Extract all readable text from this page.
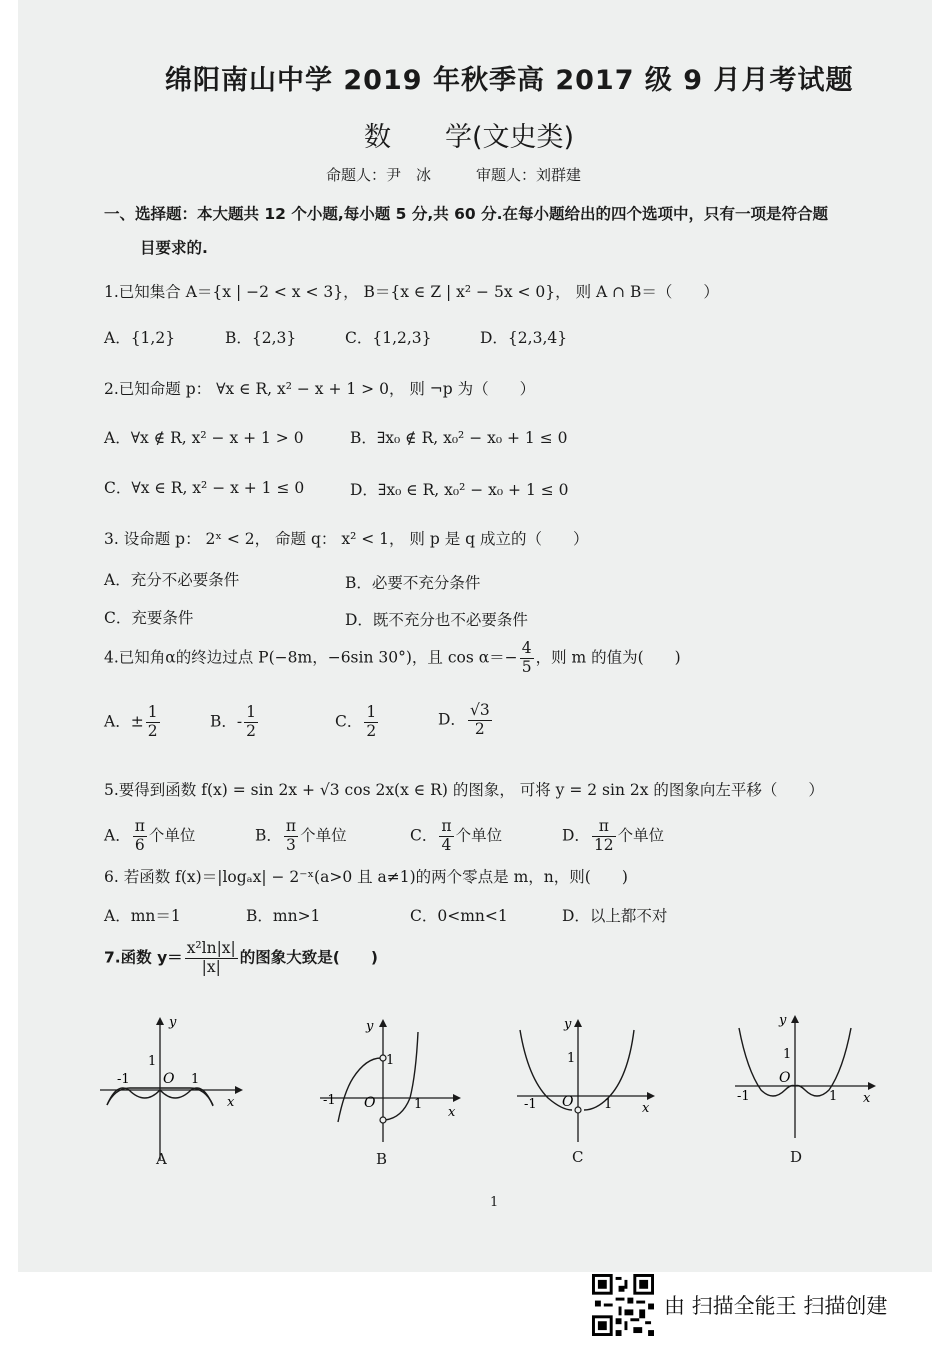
绵阳南山中学 2019 年秋季高 2017 级 9 月月考试题
数　　学(文史类)
命题人：尹　冰　　　审题人：刘群建
一、选择题：本大题共 12 个小题,每小题 5 分,共 60 分.在每小题给出的四个选项中，只有一项是符合题
目要求的.
1.已知集合 A＝{x | −2 < x < 3}， B＝{x ∈ Z | x² − 5x < 0}， 则 A ∩ B＝（　　）
A．{1,2}	B．{2,3}	C．{1,2,3}	D．{2,3,4}
2.已知命题 p： ∀x ∈ R, x² − x + 1 > 0， 则 ¬p 为（　　）
A．∀x ∉ R, x² − x + 1 > 0	B．∃x₀ ∉ R, x₀² − x₀ + 1 ≤ 0
C．∀x ∈ R, x² − x + 1 ≤ 0	D．∃x₀ ∈ R, x₀² − x₀ + 1 ≤ 0
3. 设命题 p： 2ˣ < 2， 命题 q： x² < 1， 则 p 是 q 成立的（　　）
A．充分不必要条件	B．必要不充分条件
C．充要条件	D．既不充分也不必要条件
4.已知角α的终边过点 P(−8m，−6sin 30°)，且 $\cos \alpha=- \frac{4}{5}$ ，则 m 的值为(　　)
A．± $\frac{1}{2}$	B．- $\frac{1}{2}$	C． $\frac{1}{2}$	D． $\frac{√3}{2}$
5.要得到函数 f(x) = sin 2x + √3 cos 2x(x ∈ R) 的图象， 可将 y = 2 sin 2x 的图象向左平移（　　）
A． $\frac{\pi}{6}$ 个单位	B． $\frac{\pi}{3}$ 个单位	C． $\frac{\pi}{4}$ 个单位	D． $\frac{\pi}{12}$ 个单位
6. 若函数 f(x)＝|logₐx| − 2⁻ˣ(a>0 且 a≠1)的两个零点是 m，n，则(　　)
A．mn＝1	B．mn>1	C．0<mn<1	D．以上都不对
7.函数 $y= \frac{\text{x²ln|x|}}{|x|}$ 的图象大致是(　　)
y
x
O
1
-1	1
A
y
x
O
1
-1	1
B
y
x
O
1
-1	1
C
y
x
O
1
-1	1
D
1
由 扫描全能王 扫描创建
